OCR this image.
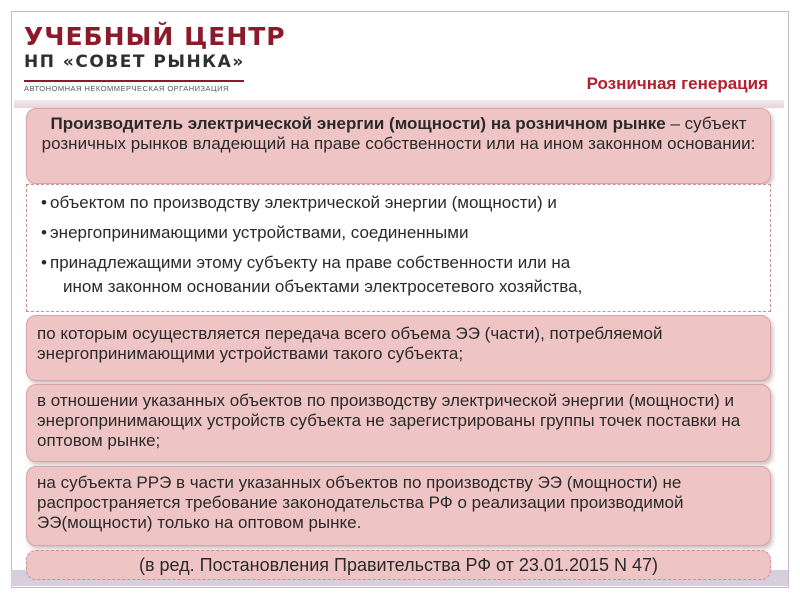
УЧЕБНЫЙ ЦЕНТР
НП «СОВЕТ РЫНКА»
АВТОНОМНАЯ НЕКОММЕРЧЕСКАЯ ОРГАНИЗАЦИЯ	Розничная генерация
Производитель электрической энергии (мощности) на розничном рынке – субъект розничных рынков владеющий на праве собственности или на ином законном основании:
• объектом по производству электрической энергии (мощности) и
• энергопринимающими устройствами, соединенными
• принадлежащими этому субъекту на праве собственности или на
ином законном основании объектами электросетевого хозяйства,
по которым осуществляется передача всего объема ЭЭ (части), потребляемой энергопринимающими устройствами такого субъекта;
в отношении указанных объектов по производству электрической энергии (мощности) и энергопринимающих устройств субъекта не зарегистрированы группы точек поставки на оптовом рынке;
на субъекта РРЭ в части указанных объектов по производству ЭЭ (мощности) не распространяется требование законодательства РФ о реализации производимой ЭЭ(мощности) только на оптовом рынке.
(в ред. Постановления Правительства РФ от 23.01.2015 N 47)
